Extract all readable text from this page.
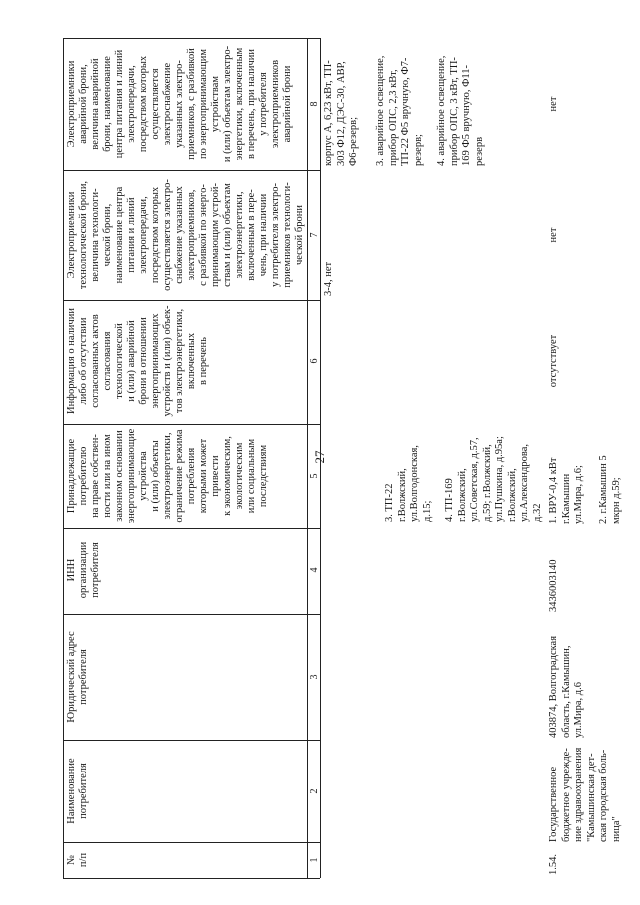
27
№
п/п
Наименование
потребителя
Юридический адрес
потребителя
ИНН
организации
потребителя
Принадлежащие
потребителю
на праве собствен-
ности или на ином
законном основании
энергопринимающие
устройства
и (или) объекты
электроэнергетики,
ограничение режима
потребления
которыми может
привести
к экономическим,
экологическим
или социальным
последствиям
Информация о наличии
либо об отсутствии
согласованных актов
согласования
технологической
и (или) аварийной
брони в отношении
энергопринимающих
устройств и (или) объек-
тов электроэнергетики,
включенных
в перечень
Электроприемники
технологической брони,
величина технологи-
ческой брони,
наименование центра
питания и линий
электропередачи,
посредством которых
осуществляется электро-
снабжение указанных
электроприемников,
с разбивкой по энерго-
принимающим устрой-
ствам и (или) объектам
электроэнергетики,
включенным в пере-
чень, при наличии
у потребителя электро-
приемников технологи-
ческой брони
Электроприемники
аварийной брони,
величина аварийной
брони, наименование
центра питания и линий
электропередачи,
посредством которых
осуществляется
электроснабжение
указанных электро-
приемников, с разбивкой
по энергопринимающим
устройствам
и (или) объектам электро-
энергетики, включенным
в перечень, при наличии
у потребителя
электроприемников
аварийной брони
1
2
3
4
5
6
7
8
3. ТП-22
г.Волжский,
ул.Волгодонская,
д.15; 4. ТП-169
г.Волжский,
ул.Советская, д.57,
д.59; г.Волжский,
ул.Пушкина, д.95а;
г.Волжский,
ул.Александрова,
д.32
3-4, нет
корпус А, 6,23 кВт, ТП-
303 Ф12, ДЭС-30, АВР,
Ф6-резерв; 3. аварийное освещение,
прибор ОПС, 2,3 кВт,
ТП-22 Ф5 вручную, Ф7-
резерв; 4. аварийное освещение,
прибор ОПС, 3 кВт, ТП-
169 Ф5 вручную, Ф11-
резерв
1.54.
Государственное
бюджетное учрежде-
ние здравоохранения
"Камышинская дет-
ская городская боль-
ница"
403874, Волгоградская
область, г.Камышин,
ул.Мира, д.6
3436003140
1. ВРУ-0,4 кВт
г.Камышин
ул.Мира, д.6;

2. г.Камышин 5
мкрн д.59;
отсутствует
нет
нет
